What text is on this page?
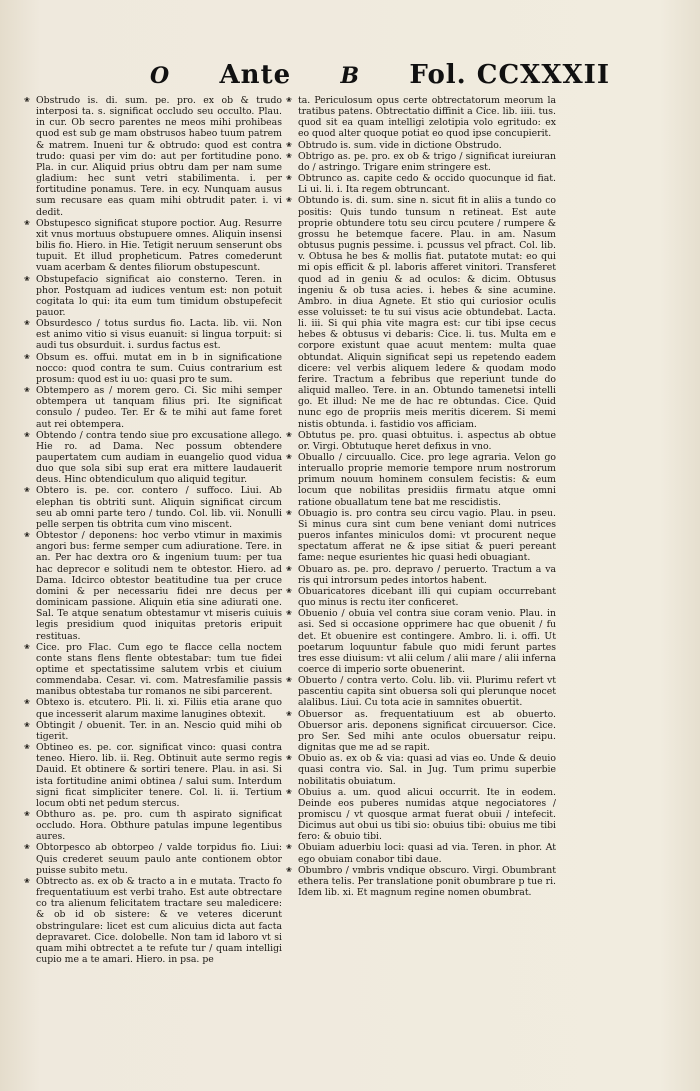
O Ante B Fol. CCXXXII

❀ Obstrudo is. di. sum. pe. pro. ex ob & trudo interposi ta. s. significat occludo seu occulto. Plau. in cur. Ob secro parentes ne meos mihi prohibeas quod est sub ge mam obstrusos habeo tuum patrem & matrem. Inueni tur & obtrudo: quod est contra trudo: quasi per vim do: aut per fortitudine pono. Pla. in cur. Aliquid prius obtru dam per nam sume gladium: hec sunt vetri stabilimenta. i. per fortitudine ponamus. Tere. in ecy. Nunquam ausus sum recusare eas quam mihi obtrudit pater. i. vi dedit.

❀ Obstupesco significat stupore poctior. Aug. Resurre xit vnus mortuus obstupuere omnes. Aliquin insensi bilis fio. Hiero. in Hie. Tetigit neruum senserunt obs tupuit. Et illud propheticum. Patres comederunt vuam acerbam & dentes filiorum obstupescunt.

❀ Obstupefacio significat aio consterno. Teren. in phor. Postquam ad iudices ventum est: non potuit cogitata lo qui: ita eum tum timidum obstupefecit pauor.

❀ Obsurdesco / totus surdus fio. Lacta. lib. vii. Non est animo vitio si visus euanuit: si lingua torpuit: si audi tus obsurduit. i. surdus factus est.

❀ Obsum es. offui. mutat em in b in significatione nocco: quod contra te sum. Cuius contrarium est prosum: quod est iu uo: quasi pro te sum.

❀ Obtempero as / morem gero. Ci. Sic mihi semper obtempera ut tanquam filius pri. Ite significat consulo / pudeo. Ter. Er & te mihi aut fame foret aut rei obtempera.

❀ Obtendo / contra tendo siue pro excusatione allego. Hie ro. ad Dama. Nec possum obtendere paupertatem cum audiam in euangelio quod vidua duo que sola sibi sup erat era mittere laudauerit deus. Hinc obtendiculum quo aliquid tegitur.

❀ Obtero is. pe. cor. contero / suffoco. Liui. Ab elephan tis obtriti sunt. Aliquin significat circum seu ab omni parte tero / tundo. Col. lib. vii. Nonulli pelle serpen tis obtrita cum vino miscent.

❀ Obtestor / deponens: hoc verbo vtimur in maximis angori bus: ferme semper cum adiuratione. Tere. in an. Per hac dextra oro & ingenium tuum: per tua hac deprecor e solitudi nem te obtestor. Hiero. ad Dama. Idcirco obtestor beatitudine tua per cruce domini & per necessariu fidei nre decus per dominicam passione. Aliquin etia sine adiurati one. Sal. Te atque senatum obtestamur vt miseris cuiuis legis presidium quod iniquitas pretoris eripuit restituas.

❀ Cice. pro Flac. Cum ego te flacce cella noctem conte stans flens flente obtestabar: tum tue fidei optime et spectatissime salutem vrbis et ciuium commendaba. Cesar. vi. com. Matresfamilie passis manibus obtestaba tur romanos ne sibi parcerent.

❀ Obtexo is. etcutero. Pli. li. xi. Filiis etia arane quo que incesserit alarum maxime lanugines obtexit.

❀ Obtingit / obuenit. Ter. in an. Nescio quid mihi ob tigerit.

❀ Obtineo es. pe. cor. significat vinco: quasi contra teneo. Hiero. lib. ii. Reg. Obtinuit aute sermo regis Dauid. Et obtinere & sortiri tenere. Plau. in asi. Si ista fortitudine animi obtinea / salui sum. Interdum signi ficat simpliciter tenere. Col. li. ii. Tertium locum obti net pedum stercus.

❀ Obthuro as. pe. pro. cum th aspirato significat occludo. Hora. Obthure patulas impune legentibus aures.

❀ Obtorpesco ab obtorpeo / valde torpidus fio. Liui: Quis crederet seuum paulo ante contionem obtor puisse subito metu.

❀ Obtrecto as. ex ob & tracto a in e mutata. Tracto fo frequentatiuum est verbi traho. Est aute obtrectare co tra alienum felicitatem tractare seu maledicere: & ob id ob sistere: & ve veteres dicerunt obstringulare: licet est cum alicuius dicta aut facta depravaret. Cice. dolobelle. Non tam id laboro vt si quam mihi obtrectet a te refute tur / quam intelligi cupio me a te amari. Hiero. in psa. pe

❀ ta. Periculosum opus certe obtrectatorum meorum la tratibus patens. Obtrectatio diffinit a Cice. lib. iiii. tus. quod sit ea quam intelligi zelotipia volo egritudo: ex eo quod alter quoque potiat eo quod ipse concupierit.

❀ Obtrudo is. sum. vide in dictione Obstrudo.

❀ Obtrigo as. pe. pro. ex ob & trigo / significat iureiuran do / astringo. Trigare enim stringere est.

❀ Obtrunco as. capite cedo & occido quocunque id fiat. Li ui. li. i. Ita regem obtruncant.

❀ Obtundo is. di. sum. sine n. sicut fit in aliis a tundo co positis: Quis tundo tunsum n retineat. Est aute proprie obtundere totu seu circu pcutere / rumpere & grossu he betemque facere. Plau. in am. Nasum obtusus pugnis pessime. i. pcussus vel pfract. Col. lib. v. Obtusa he bes & mollis fiat. putatote mutat: eo qui mi opis efficit & pl. laboris afferet vinitori. Transferet quod ad in geniu & ad oculos: & dicim. Obtusus ingeniu & ob tusa acies. i. hebes & sine acumine. Ambro. in diua Agnete. Et stio qui curiosior oculis esse voluisset: te tu sui visus acie obtundebat. Lacta. li. iii. Si qui phia vite magra est: cur tibi ipse cecus hebes & obtusus vi debaris: Cice. li. tus. Multa em e corpore existunt quae acuut mentem: multa quae obtundat. Aliquin significat sepi us repetendo eadem dicere: vel verbis aliquem ledere & quodam modo ferire. Tractum a febribus que reperiunt tunde do aliquid malleo. Tere. in an. Obtundo tamenetsi intelli go. Et illud: Ne me de hac re obtundas. Cice. Quid nunc ego de propriis meis meritis dicerem. Si memi nistis obtunda. i. fastidio vos afficiam.

❀ Obtutus pe. pro. quasi obtuitus. i. aspectus ab obtue or. Virgi. Obtutuque heret defixus in vno.

❀ Obuallo / circuuallo. Cice. pro lege agraria. Velon go interuallo proprie memorie tempore nrum nostrorum primum nouum hominem consulem fecistis: & eum locum que nobilitas presidiis firmatu atque omni ratione obuallatum tene bat me rescidistis.

❀ Obuagio is. pro contra seu circu vagio. Plau. in pseu. Si minus cura sint cum bene veniant domi nutrices pueros infantes miniculos domi: vt procurent neque spectatum afferat ne & ipse sitiat & pueri pereant fame: neque esurientes hic quasi hedi obuagiant.

❀ Obuaro as. pe. pro. depravo / peruerto. Tractum a va ris qui introrsum pedes intortos habent.

❀ Obuaricatores dicebant illi qui cupiam occurrebant quo minus is rectu iter conficeret.

❀ Obuenio / obuia vel contra siue coram venio. Plau. in asi. Sed si occasione opprimere hac que obuenit / fu det. Et obuenire est contingere. Ambro. li. i. offi. Ut poetarum loquuntur fabule quo midi ferunt partes tres esse diuisum: vt alii celum / alii mare / alii inferna coerce di imperio sorte obuenerint.

❀ Obuerto / contra verto. Colu. lib. vii. Plurimu refert vt pascentiu capita sint obuersa soli qui plerunque nocet alalibus. Liui. Cu tota acie in samnites obuertit.

❀ Obuersor as. frequentatiuum est ab obuerto. Obuersor aris. deponens significat circuuersor. Cice. pro Ser. Sed mihi ante oculos obuersatur reipu. dignitas que me ad se rapit.

❀ Obuio as. ex ob & via: quasi ad vias eo. Unde & deuio quasi contra vio. Sal. in Jug. Tum primu superbie nobilitatis obuiatum.

❀ Obuius a. um. quod alicui occurrit. Ite in eodem. Deinde eos puberes numidas atque negociatores / promiscu / vt quosque armat fuerat obuii / intefecit. Dicimus aut obui us tibi sio: obuius tibi: obuius me tibi fero: & obuio tibi.

❀ Obuiam aduerbiu loci: quasi ad via. Teren. in phor. At ego obuiam conabor tibi daue.

❀ Obumbro / vmbris vndique obscuro. Virgi. Obumbrant ethera telis. Per translatione ponit obumbrare p tue ri. Idem lib. xi. Et magnum regine nomen obumbrat.
